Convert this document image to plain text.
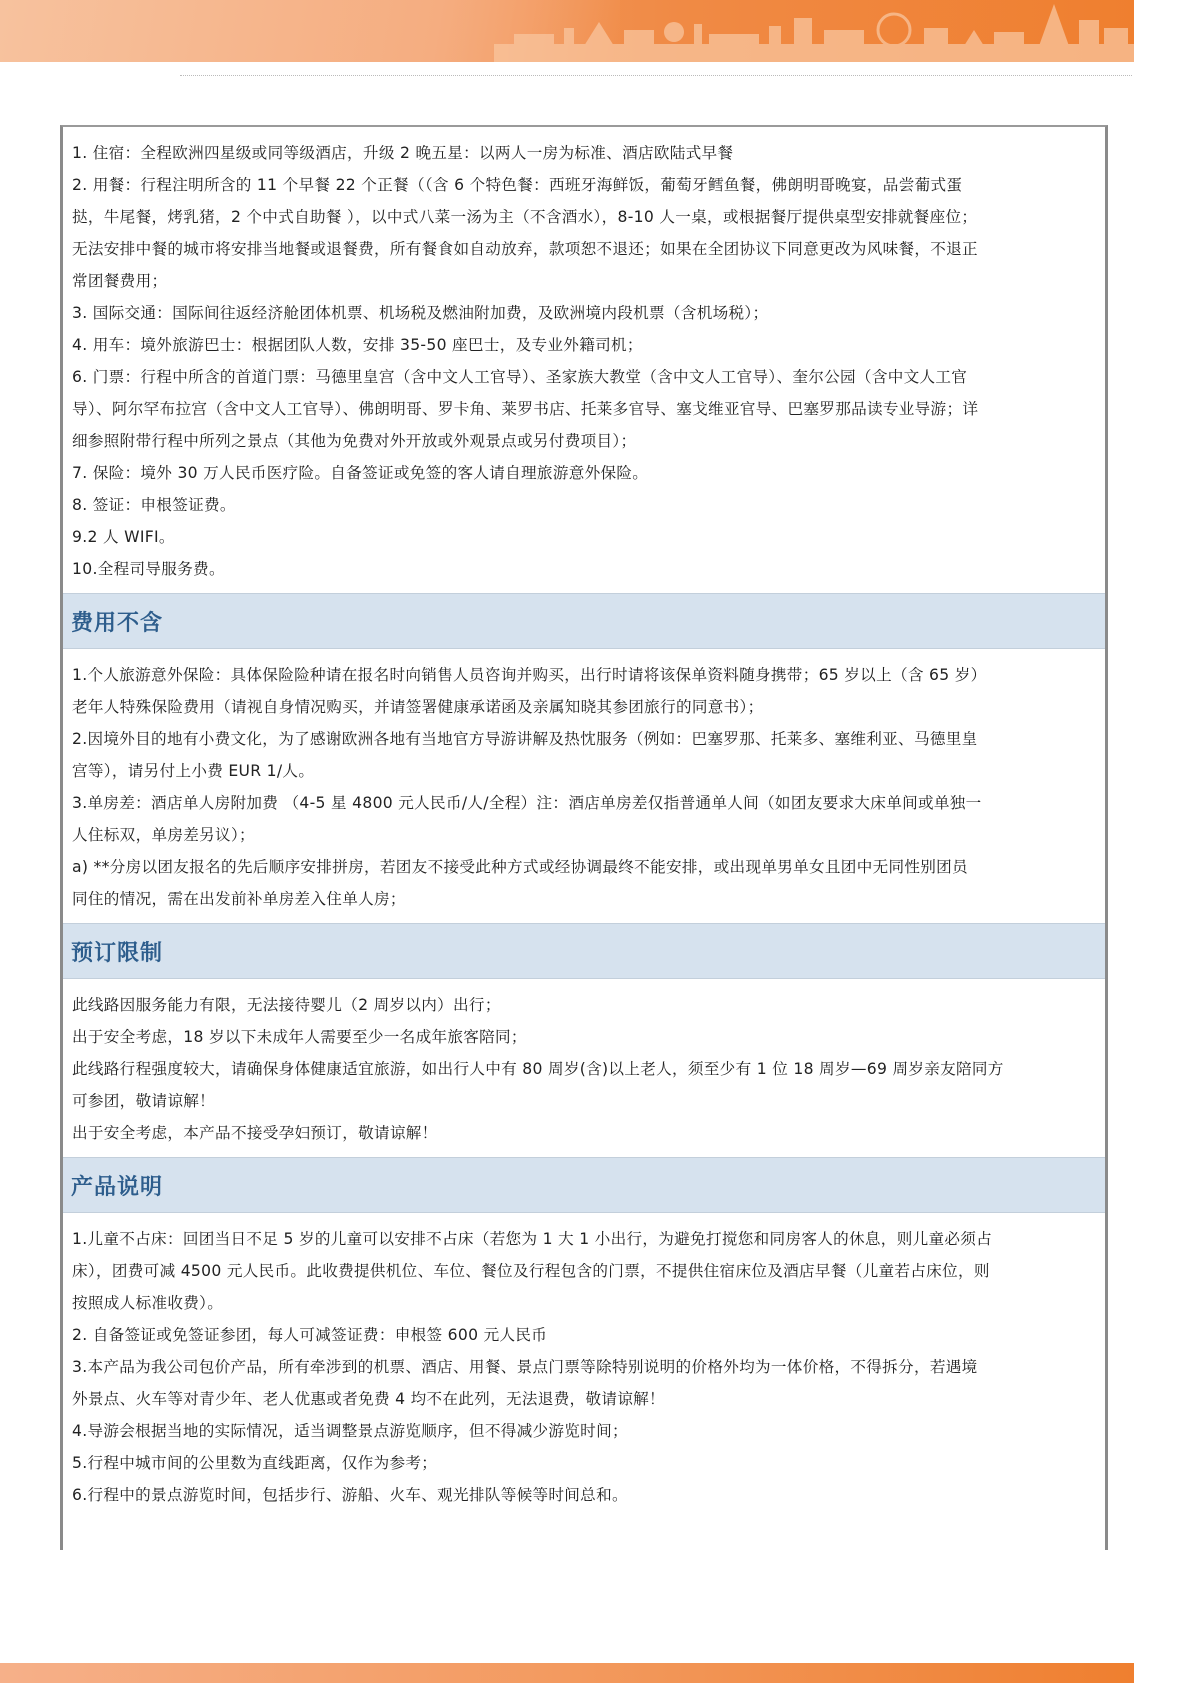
1. 住宿：全程欧洲四星级或同等级酒店，升级 2 晚五星：以两人一房为标准、酒店欧陆式早餐
2. 用餐：行程注明所含的 11 个早餐 22 个正餐（（含 6 个特色餐：西班牙海鲜饭，葡萄牙鳕鱼餐，佛朗明哥晚宴，品尝葡式蛋
挞，牛尾餐，烤乳猪，2 个中式自助餐 ），以中式八菜一汤为主（不含酒水），8-10 人一桌，或根据餐厅提供桌型安排就餐座位；
无法安排中餐的城市将安排当地餐或退餐费，所有餐食如自动放弃，款项恕不退还；如果在全团协议下同意更改为风味餐，不退正
常团餐费用；
3. 国际交通：国际间往返经济舱团体机票、机场税及燃油附加费，及欧洲境内段机票（含机场税）；
4. 用车：境外旅游巴士：根据团队人数，安排 35-50 座巴士，及专业外籍司机；
6. 门票：行程中所含的首道门票：马德里皇宫（含中文人工官导）、圣家族大教堂（含中文人工官导）、奎尔公园（含中文人工官
导）、阿尔罕布拉宫（含中文人工官导）、佛朗明哥、罗卡角、莱罗书店、托莱多官导、塞戈维亚官导、巴塞罗那品读专业导游；详
细参照附带行程中所列之景点（其他为免费对外开放或外观景点或另付费项目）；
7. 保险：境外 30 万人民币医疗险。自备签证或免签的客人请自理旅游意外保险。
8. 签证：申根签证费。
9.2 人 WIFI。
10.全程司导服务费。
费用不含
1.个人旅游意外保险：具体保险险种请在报名时向销售人员咨询并购买，出行时请将该保单资料随身携带；65 岁以上（含 65 岁）
老年人特殊保险费用（请视自身情况购买，并请签署健康承诺函及亲属知晓其参团旅行的同意书）；
2.因境外目的地有小费文化，为了感谢欧洲各地有当地官方导游讲解及热忱服务（例如：巴塞罗那、托莱多、塞维利亚、马德里皇
宫等），请另付上小费 EUR 1/人。
3.单房差：酒店单人房附加费 （4-5 星 4800 元人民币/人/全程）注：酒店单房差仅指普通单人间（如团友要求大床单间或单独一
人住标双，单房差另议）；
a) **分房以团友报名的先后顺序安排拼房，若团友不接受此种方式或经协调最终不能安排，或出现单男单女且团中无同性别团员
同住的情况，需在出发前补单房差入住单人房；
预订限制
此线路因服务能力有限，无法接待婴儿（2 周岁以内）出行；
出于安全考虑，18 岁以下未成年人需要至少一名成年旅客陪同；
此线路行程强度较大，请确保身体健康适宜旅游，如出行人中有 80 周岁(含)以上老人，须至少有 1 位 18 周岁—69 周岁亲友陪同方
可参团，敬请谅解！
出于安全考虑，本产品不接受孕妇预订，敬请谅解！
产品说明
1.儿童不占床：回团当日不足 5 岁的儿童可以安排不占床（若您为 1 大 1 小出行，为避免打搅您和同房客人的休息，则儿童必须占
床），团费可减 4500 元人民币。此收费提供机位、车位、餐位及行程包含的门票，不提供住宿床位及酒店早餐（儿童若占床位，则
按照成人标准收费）。
2. 自备签证或免签证参团，每人可减签证费：申根签 600 元人民币
3.本产品为我公司包价产品，所有牵涉到的机票、酒店、用餐、景点门票等除特别说明的价格外均为一体价格，不得拆分，若遇境
外景点、火车等对青少年、老人优惠或者免费 4 均不在此列，无法退费，敬请谅解！
4.导游会根据当地的实际情况，适当调整景点游览顺序，但不得减少游览时间；
5.行程中城市间的公里数为直线距离，仅作为参考；
6.行程中的景点游览时间，包括步行、游船、火车、观光排队等候等时间总和。
